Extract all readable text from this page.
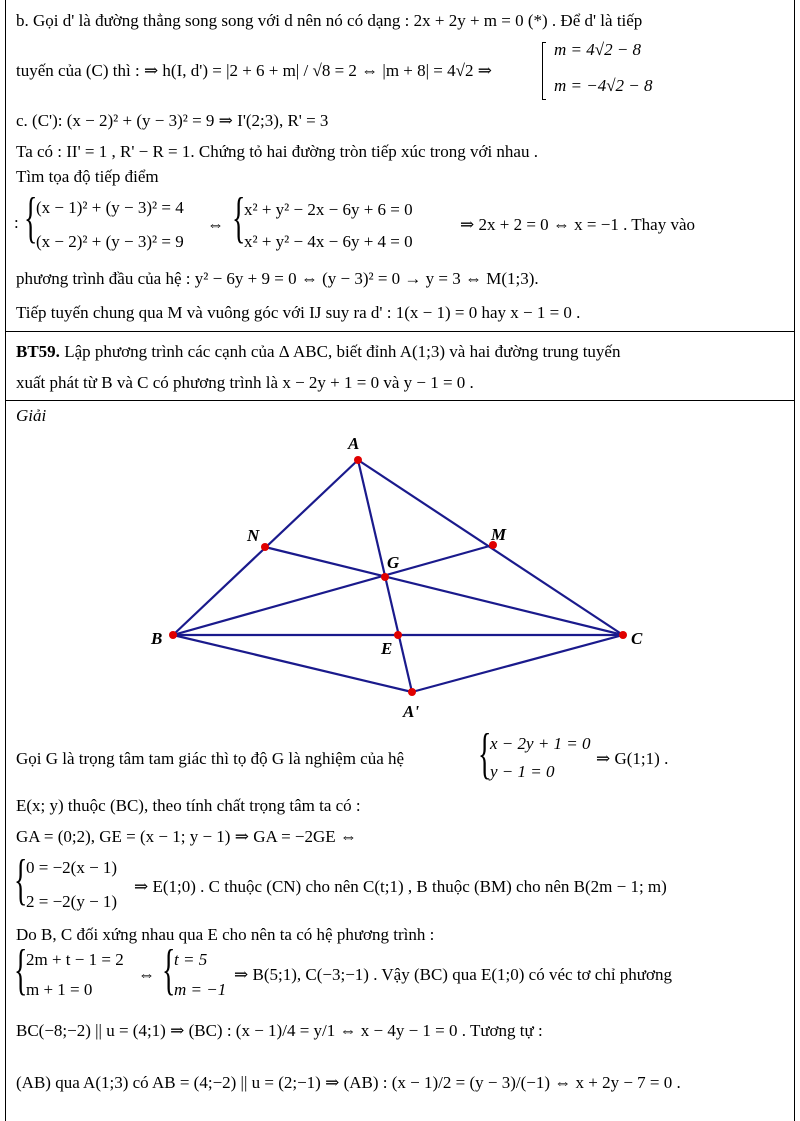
b. Gọi d' là đường thẳng song song với d nên nó có dạng : 2x + 2y + m = 0 (*) . Để d' là tiếp
tuyến của (C) thì : ⇒ h(I, d') = |2 + 6 + m| / √8 = 2 ⇔ |m + 8| = 4√2 ⇒
m = 4√2 − 8
m = −4√2 − 8
c. (C'): (x − 2)² + (y − 3)² = 9 ⇒ I'(2;3), R' = 3
Ta có : II' = 1 , R' − R = 1. Chứng tỏ hai đường tròn tiếp xúc trong với nhau .
Tìm tọa độ tiếp điểm
: {
(x − 1)² + (y − 3)² = 4
(x − 2)² + (y − 3)² = 9
⇔ {
x² + y² − 2x − 6y + 6 = 0
x² + y² − 4x − 6y + 4 = 0
⇒ 2x + 2 = 0 ⇔ x = −1 . Thay vào
phương trình đầu của hệ : y² − 6y + 9 = 0 ⇔ (y − 3)² = 0 → y = 3 ⇔ M(1;3).
Tiếp tuyến chung qua M và vuông góc với IJ suy ra d' : 1(x − 1) = 0 hay x − 1 = 0 .
BT59. Lập phương trình các cạnh của Δ ABC, biết đỉnh A(1;3) và hai đường trung tuyến
xuất phát từ B và C có phương trình là x − 2y + 1 = 0 và y − 1 = 0 .
Giải
A
N	M
G
B	C
E
A'
Gọi G là trọng tâm tam giác thì tọ độ G là nghiệm của hệ {
x − 2y + 1 = 0
y − 1 = 0
⇒ G(1;1) .
E(x; y) thuộc (BC), theo tính chất trọng tâm ta có :
GA = (0;2), GE = (x − 1; y − 1) ⇒ GA = −2GE ⇔
{
0 = −2(x − 1)
2 = −2(y − 1)
⇒ E(1;0) . C thuộc (CN) cho nên C(t;1) , B thuộc (BM) cho nên B(2m − 1; m)
Do B, C đối xứng nhau qua E cho nên ta có hệ phương trình :
{
2m + t − 1 = 2
m + 1 = 0
⇔ {
t = 5
m = −1
⇒ B(5;1), C(−3;−1) . Vậy (BC) qua E(1;0) có véc tơ chỉ phương
BC(−8;−2) || u = (4;1) ⇒ (BC) : (x − 1)/4 = y/1 ⇔ x − 4y − 1 = 0 . Tương tự :
(AB) qua A(1;3) có AB = (4;−2) || u = (2;−1) ⇒ (AB) : (x − 1)/2 = (y − 3)/(−1) ⇔ x + 2y − 7 = 0 .
